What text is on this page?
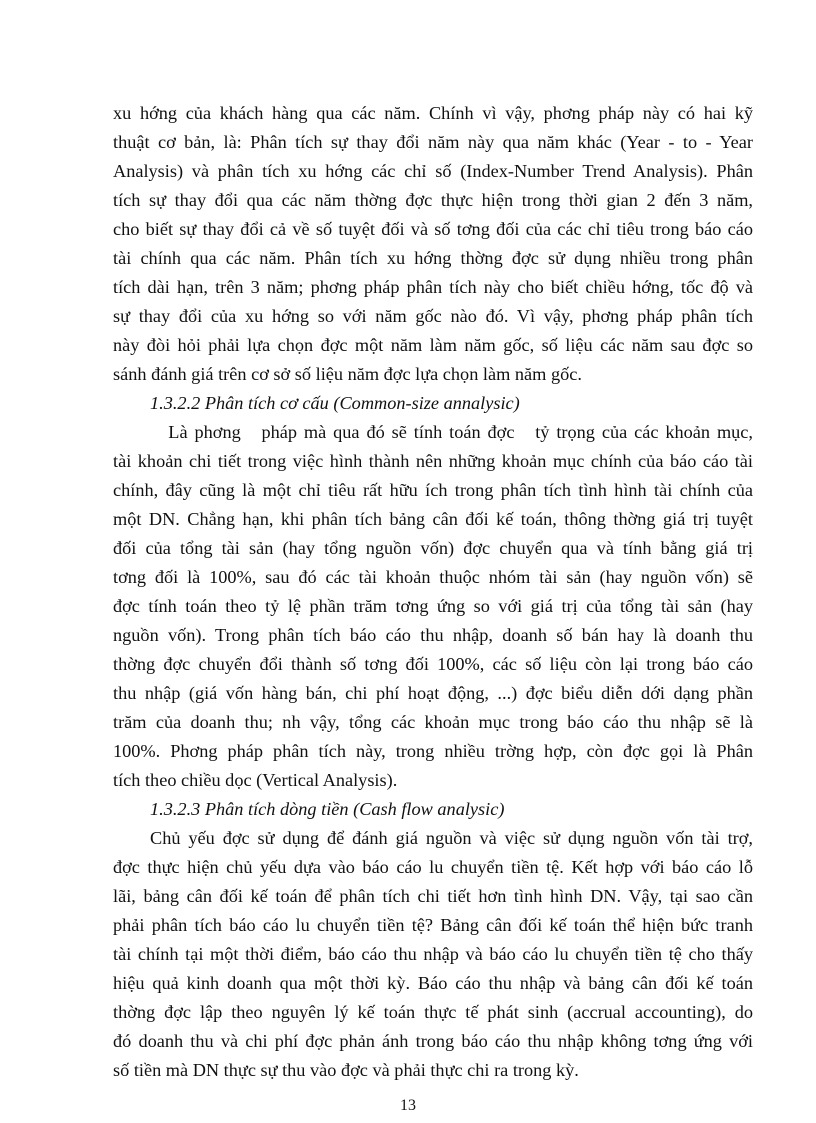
xu hớng của khách hàng qua các năm. Chính vì vậy, phơng pháp này có hai kỹ
thuật cơ bản, là: Phân tích sự thay đổi năm này qua năm khác (Year - to - Year
Analysis) và phân tích xu hớng các chỉ số (Index-Number Trend Analysis). Phân
tích sự thay đổi qua các năm thờng đợc thực hiện trong thời gian 2 đến 3 năm,
cho biết sự thay đổi cả về số tuyệt đối và số tơng đối của các chỉ tiêu trong báo cáo
tài chính qua các năm. Phân tích xu hớng thờng đợc sử dụng nhiều trong phân
tích dài hạn, trên 3 năm; phơng pháp phân tích này cho biết chiều hớng, tốc độ và
sự thay đổi của xu hớng so với năm gốc nào đó. Vì vậy, phơng pháp phân tích
này đòi hỏi phải lựa chọn đợc một năm làm năm gốc, số liệu các năm sau đợc so
sánh đánh giá trên cơ sở số liệu năm đợc lựa chọn làm năm gốc.
1.3.2.2 Phân tích cơ cấu (Common-size annalysic)
Là phơng   pháp mà qua đó sẽ tính toán đợc   tỷ trọng của các khoản mục,
tài khoản chi tiết trong việc hình thành nên những khoản mục chính của báo cáo tài
chính, đây cũng là một chỉ tiêu rất hữu ích trong phân tích tình hình tài chính của
một DN. Chẳng hạn, khi phân tích bảng cân đối kế toán, thông thờng giá trị tuyệt
đối của tổng tài sản (hay tổng nguồn vốn) đợc chuyển qua và tính bằng giá trị
tơng đối là 100%, sau đó các tài khoản thuộc nhóm tài sản (hay nguồn vốn) sẽ
đợc tính toán theo tỷ lệ phần trăm tơng ứng so với giá trị của tổng tài sản (hay
nguồn vốn). Trong phân tích báo cáo thu nhập, doanh số bán hay là doanh thu
thờng đợc chuyển đổi thành số tơng đối 100%, các số liệu còn lại trong báo cáo
thu nhập (giá vốn hàng bán, chi phí hoạt động, ...) đợc biểu diễn dới dạng phần
trăm của doanh thu; nh vậy, tổng các khoản mục trong báo cáo thu nhập sẽ là
100%. Phơng pháp phân tích này, trong nhiều trờng hợp, còn đợc gọi là Phân
tích theo chiều dọc (Vertical Analysis).
1.3.2.3 Phân tích dòng tiền (Cash flow analysic)
Chủ yếu đợc sử dụng để đánh giá nguồn và việc sử dụng nguồn vốn tài trợ,
đợc thực hiện chủ yếu dựa vào báo cáo lu chuyển tiền tệ. Kết hợp với báo cáo lỗ
lãi, bảng cân đối kế toán để phân tích chi tiết hơn tình hình DN. Vậy, tại sao cần
phải phân tích báo cáo lu chuyển tiền tệ? Bảng cân đối kế toán thể hiện bức tranh
tài chính tại một thời điểm, báo cáo thu nhập và báo cáo lu chuyển tiền tệ cho thấy
hiệu quả kinh doanh qua một thời kỳ. Báo cáo thu nhập và bảng cân đối kế toán
thờng đợc lập theo nguyên lý kế toán thực tế phát sinh (accrual accounting), do
đó doanh thu và chi phí đợc phản ánh trong báo cáo thu nhập không tơng ứng với
13
số tiền mà DN thực sự thu vào đợc và phải thực chi ra trong kỳ.
